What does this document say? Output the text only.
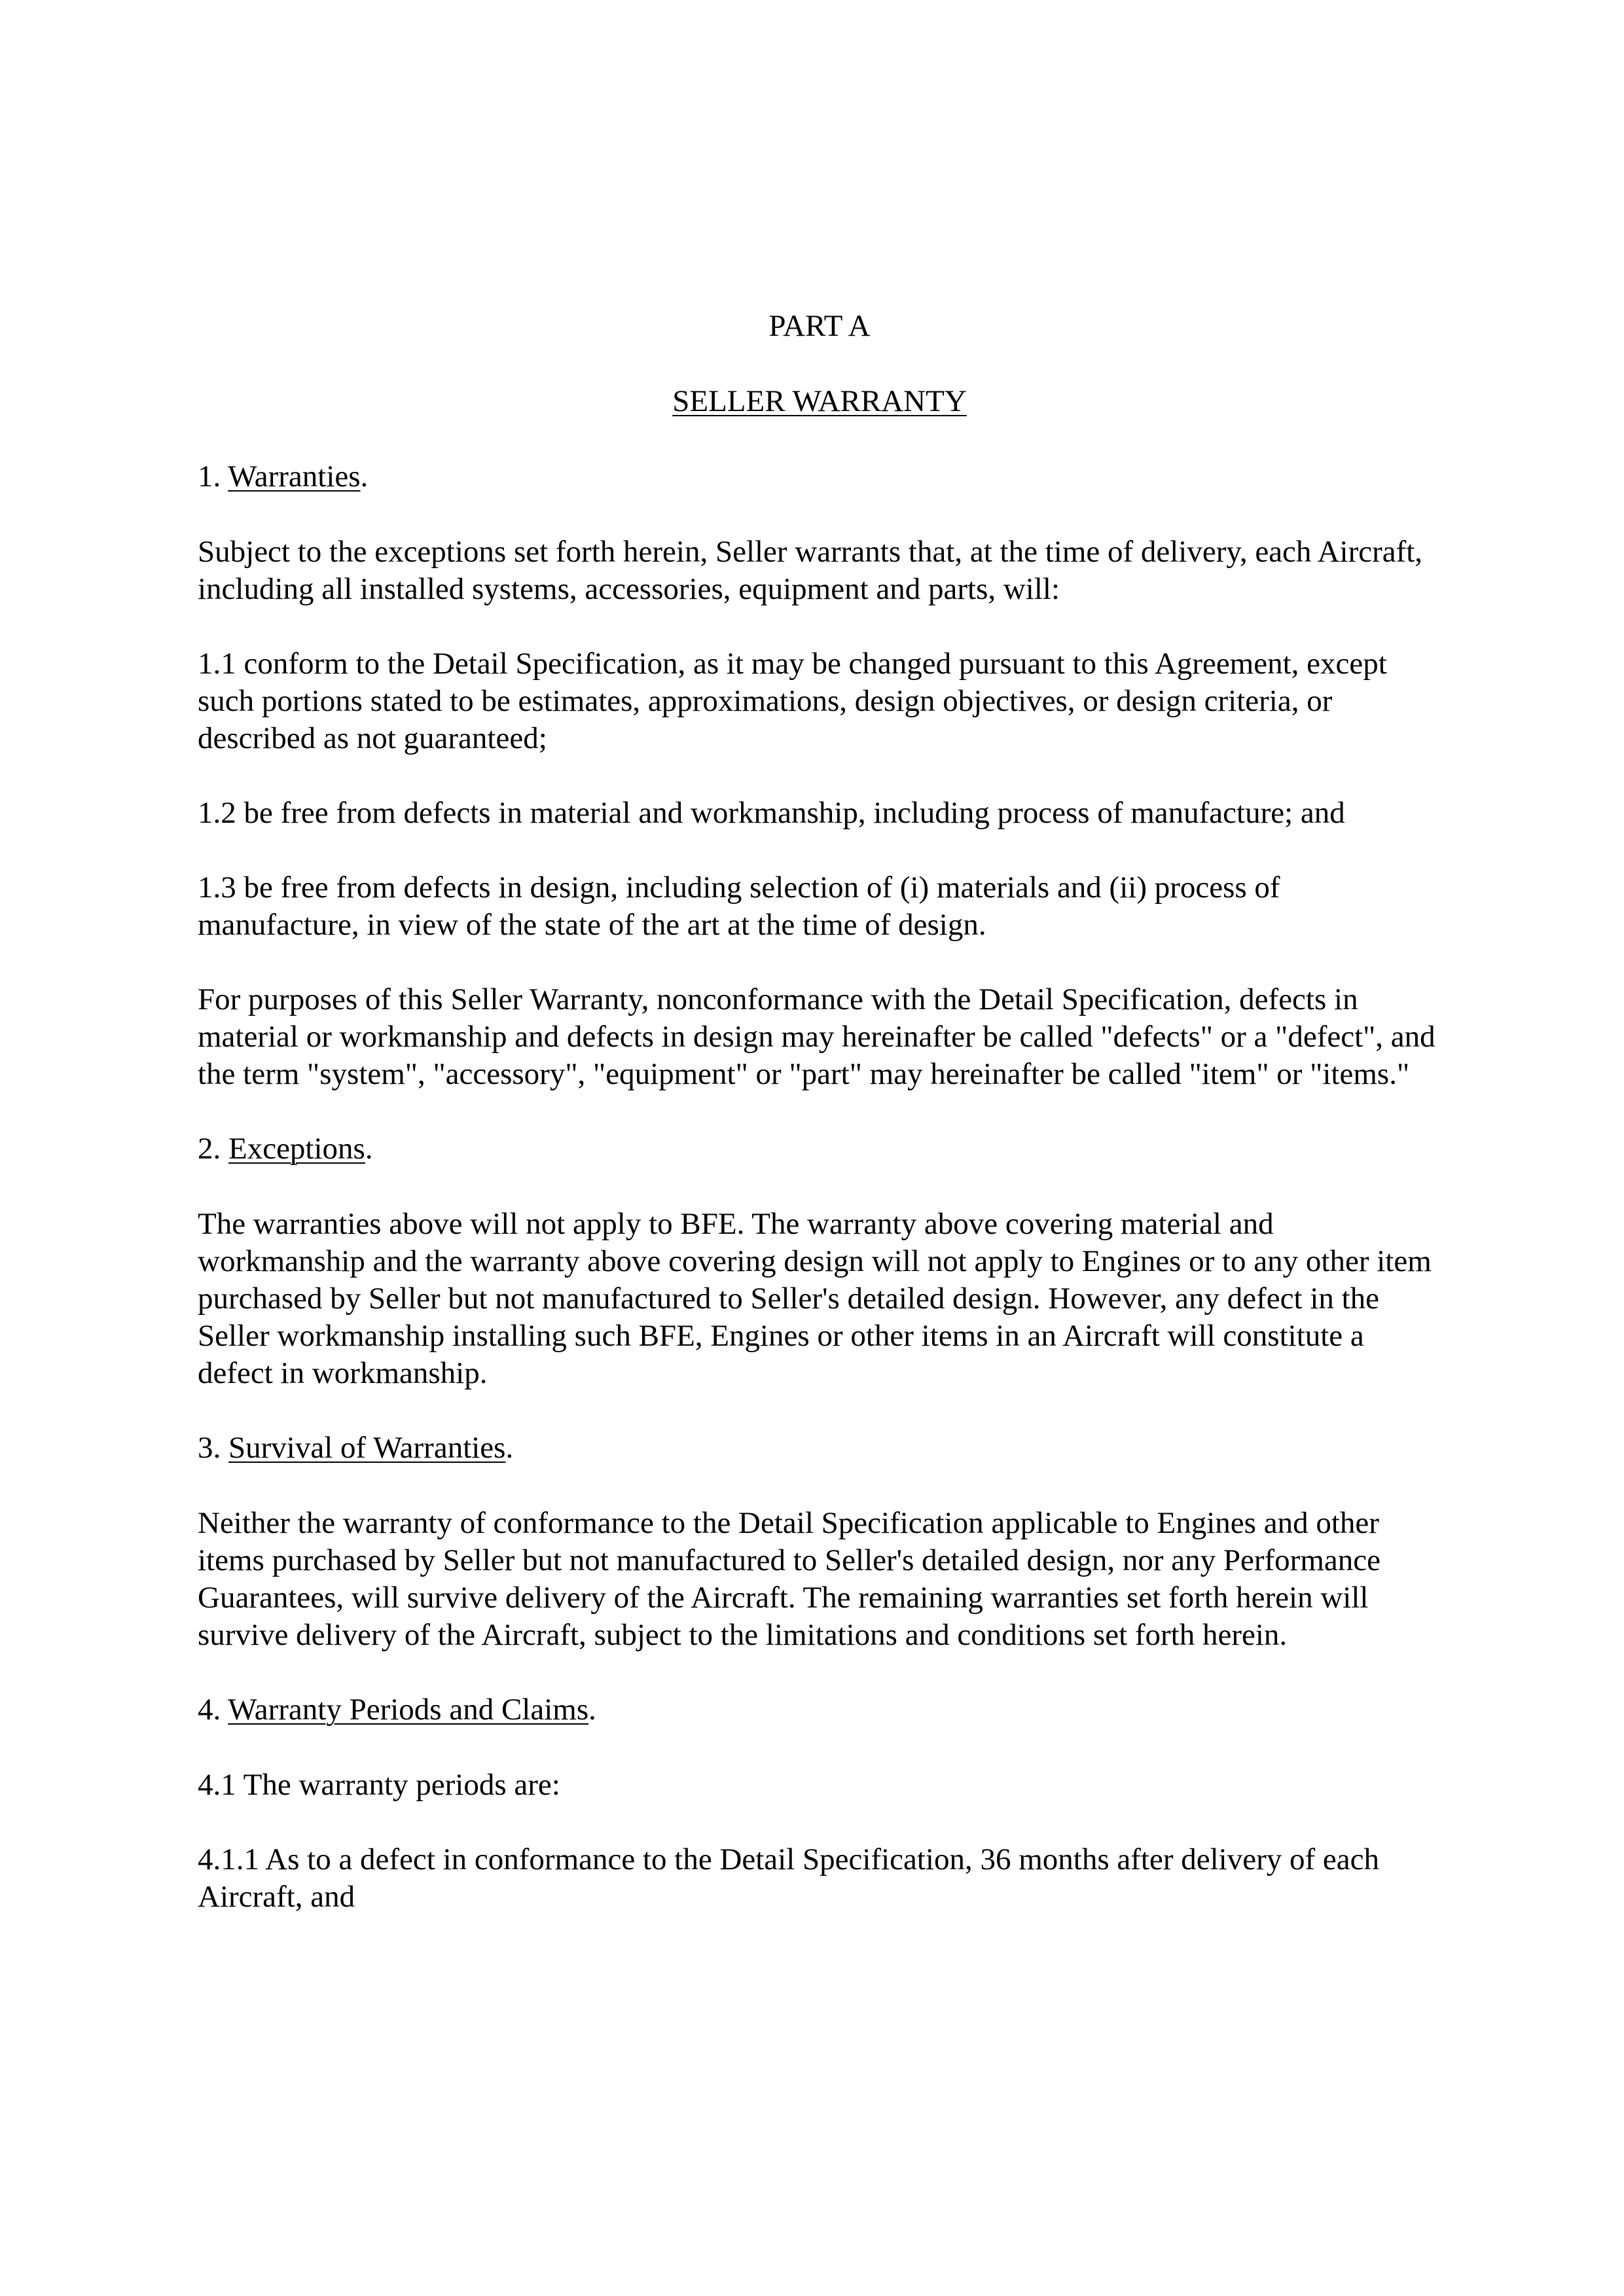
PART A

SELLER WARRANTY

1. Warranties.

Subject to the exceptions set forth herein, Seller warrants that, at the time of delivery, each Aircraft, including all installed systems, accessories, equipment and parts, will:

1.1 conform to the Detail Specification, as it may be changed pursuant to this Agreement, except such portions stated to be estimates, approximations, design objectives, or design criteria, or described as not guaranteed;

1.2 be free from defects in material and workmanship, including process of manufacture; and

1.3 be free from defects in design, including selection of (i) materials and (ii) process of manufacture, in view of the state of the art at the time of design.

For purposes of this Seller Warranty, nonconformance with the Detail Specification, defects in material or workmanship and defects in design may hereinafter be called "defects" or a "defect", and the term "system", "accessory", "equipment" or "part" may hereinafter be called "item" or "items."

2. Exceptions.

The warranties above will not apply to BFE. The warranty above covering material and workmanship and the warranty above covering design will not apply to Engines or to any other item purchased by Seller but not manufactured to Seller's detailed design. However, any defect in the Seller workmanship installing such BFE, Engines or other items in an Aircraft will constitute a defect in workmanship.

3. Survival of Warranties.

Neither the warranty of conformance to the Detail Specification applicable to Engines and other items purchased by Seller but not manufactured to Seller's detailed design, nor any Performance Guarantees, will survive delivery of the Aircraft. The remaining warranties set forth herein will survive delivery of the Aircraft, subject to the limitations and conditions set forth herein.

4. Warranty Periods and Claims.

4.1 The warranty periods are:

4.1.1 As to a defect in conformance to the Detail Specification, 36 months after delivery of each Aircraft, and
